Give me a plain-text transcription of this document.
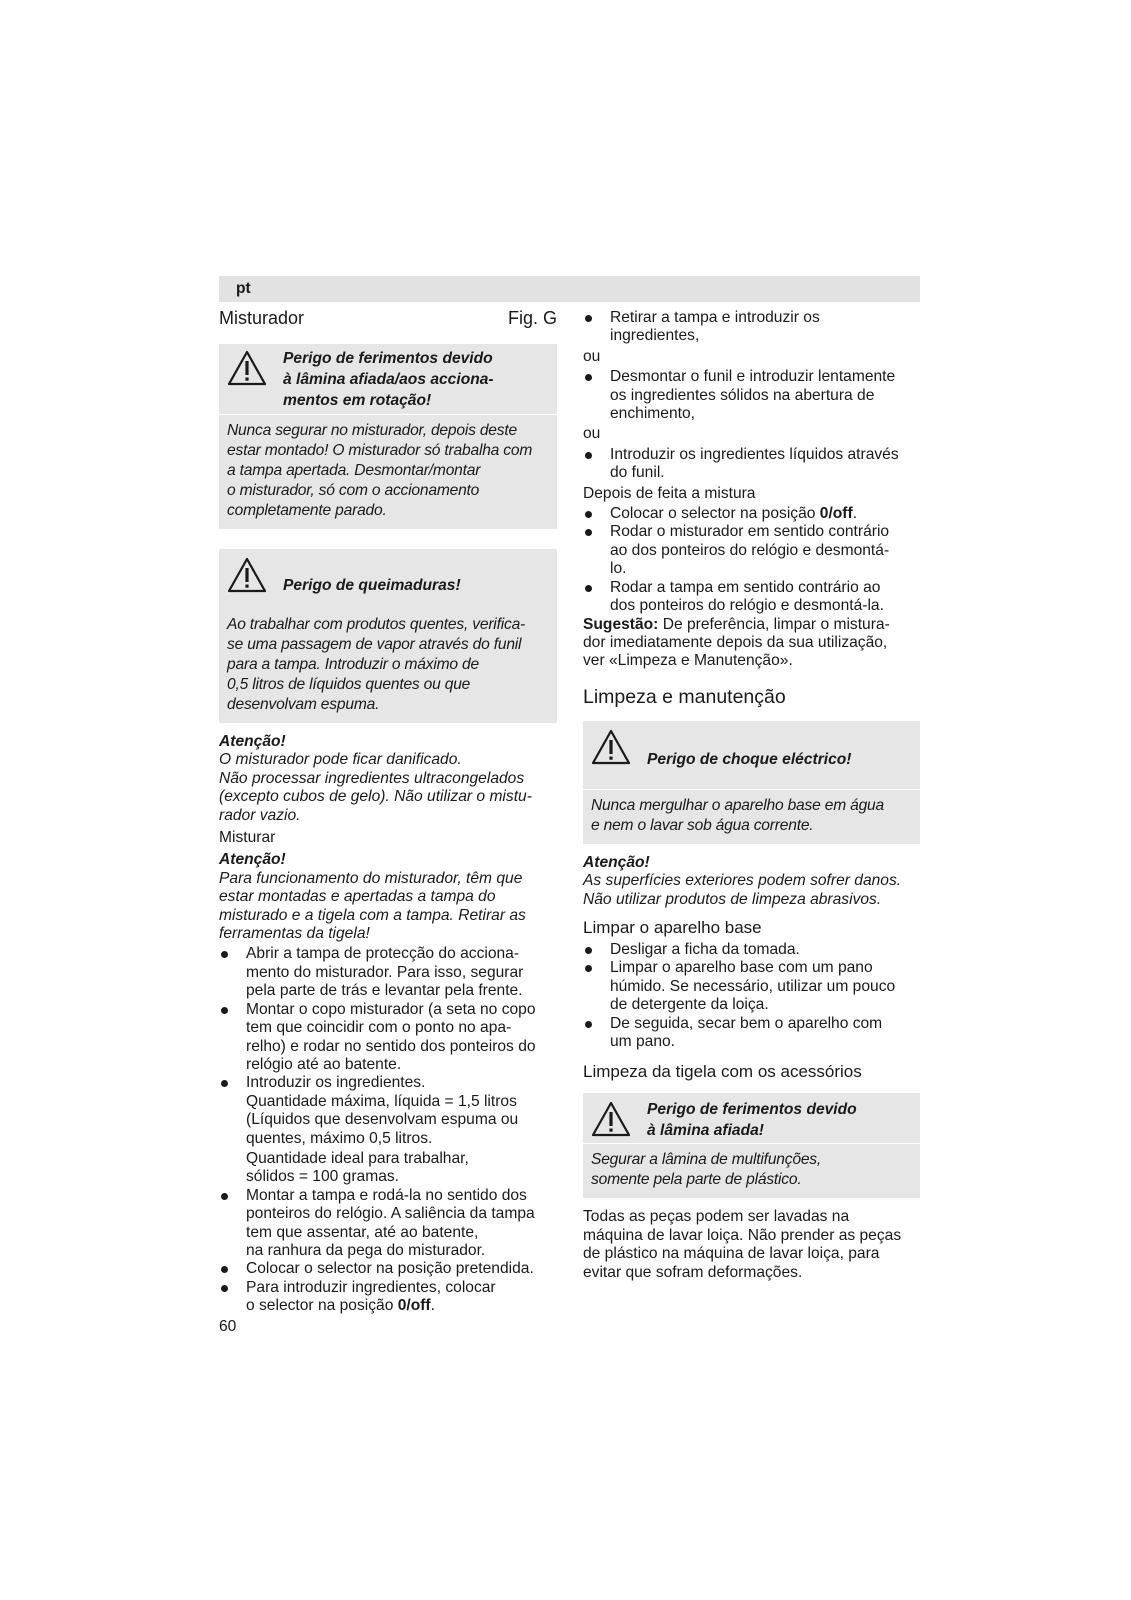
pt
Misturador	Fig. G
Perigo de ferimentos devido
à lâmina afiada/aos acciona-
mentos em rotação!
Nunca segurar no misturador, depois deste
estar montado! O misturador só trabalha com
a tampa apertada. Desmontar/montar
o misturador, só com o accionamento
completamente parado.
Perigo de queimaduras!
Ao trabalhar com produtos quentes, verifica-
se uma passagem de vapor através do funil
para a tampa. Introduzir o máximo de
0,5 litros de líquidos quentes ou que
desenvolvam espuma.

Atenção!

O misturador pode ficar danificado.
Não processar ingredientes ultracongelados
(excepto cubos de gelo). Não utilizar o mistu-
rador vazio.

Misturar

Atenção!

Para funcionamento do misturador, têm que
estar montadas e apertadas a tampa do
misturado e a tigela com a tampa. Retirar as
ferramentas da tigela!
Abrir a tampa de protecção do acciona-
mento do misturador. Para isso, segurar
pela parte de trás e levantar pela frente.
Montar o copo misturador (a seta no copo
tem que coincidir com o ponto no apa-
relho) e rodar no sentido dos ponteiros do
relógio até ao batente.
Introduzir os ingredientes.
Quantidade máxima, líquida = 1,5 litros
(Líquidos que desenvolvam espuma ou
quentes, máximo 0,5 litros.
Quantidade ideal para trabalhar,
sólidos = 100 gramas.
Montar a tampa e rodá-la no sentido dos
ponteiros do relógio. A saliência da tampa
tem que assentar, até ao batente,
na ranhura da pega do misturador.
Colocar o selector na posição pretendida.
Para introduzir ingredientes, colocar
o selector na posição 0/off.
Retirar a tampa e introduzir os
ingredientes,

ou

Desmontar o funil e introduzir lentamente
os ingredientes sólidos na abertura de
enchimento,

ou

Introduzir os ingredientes líquidos através
do funil.

Depois de feita a mistura

Colocar o selector na posição 0/off.
Rodar o misturador em sentido contrário
ao dos ponteiros do relógio e desmontá-
lo.
Rodar a tampa em sentido contrário ao
dos ponteiros do relógio e desmontá-la.
Sugestão: De preferência, limpar o mistura-
dor imediatamente depois da sua utilização,
ver «Limpeza e Manutenção».
Limpeza e manutenção
Perigo de choque eléctrico!
Nunca mergulhar o aparelho base em água
e nem o lavar sob água corrente.

Atenção!

As superfícies exteriores podem sofrer danos.
Não utilizar produtos de limpeza abrasivos.
Limpar o aparelho base
Desligar a ficha da tomada.
Limpar o aparelho base com um pano
húmido. Se necessário, utilizar um pouco
de detergente da loiça.
De seguida, secar bem o aparelho com
um pano.
Limpeza da tigela com os acessórios
Perigo de ferimentos devido
à lâmina afiada!
Segurar a lâmina de multifunções,
somente pela parte de plástico.
Todas as peças podem ser lavadas na
máquina de lavar loiça. Não prender as peças
de plástico na máquina de lavar loiça, para
evitar que sofram deformações.
60
